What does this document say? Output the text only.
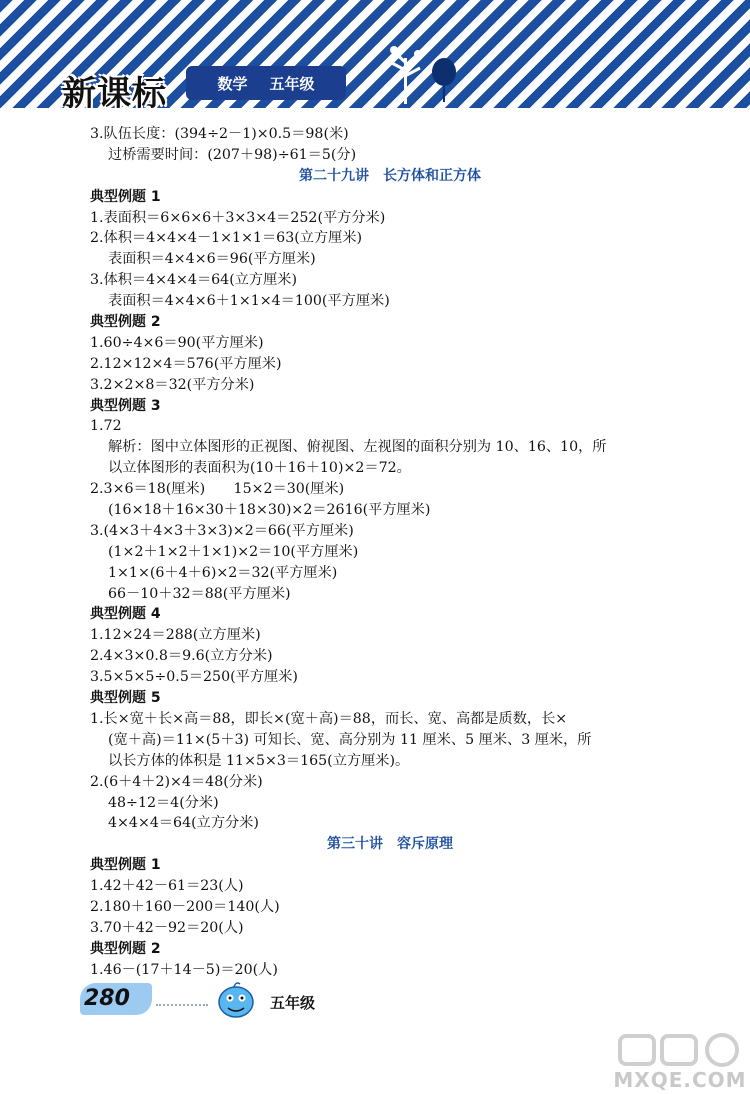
新课标	数学 五年级
3.队伍长度：(394÷2－1)×0.5＝98(米)
过桥需要时间：(207＋98)÷61＝5(分)
第二十九讲　长方体和正方体
典型例题 1
1.表面积＝6×6×6＋3×3×4＝252(平方分米)
2.体积＝4×4×4－1×1×1＝63(立方厘米)
表面积＝4×4×6＝96(平方厘米)
3.体积＝4×4×4＝64(立方厘米)
表面积＝4×4×6＋1×1×4＝100(平方厘米)
典型例题 2
1.60÷4×6＝90(平方厘米)
2.12×12×4＝576(平方厘米)
3.2×2×8＝32(平方分米)
典型例题 3
1.72
解析：图中立体图形的正视图、俯视图、左视图的面积分别为 10、16、10，所
以立体图形的表面积为(10＋16＋10)×2＝72。
2.3×6＝18(厘米)　　15×2＝30(厘米)
(16×18＋16×30＋18×30)×2＝2616(平方厘米)
3.(4×3＋4×3＋3×3)×2＝66(平方厘米)
(1×2＋1×2＋1×1)×2＝10(平方厘米)
1×1×(6＋4＋6)×2＝32(平方厘米)
66－10＋32＝88(平方厘米)
典型例题 4
1.12×24＝288(立方厘米)
2.4×3×0.8＝9.6(立方分米)
3.5×5×5÷0.5＝250(平方厘米)
典型例题 5
1.长×宽＋长×高＝88，即长×(宽＋高)＝88，而长、宽、高都是质数，长×
(宽＋高)＝11×(5＋3) 可知长、宽、高分别为 11 厘米、5 厘米、3 厘米，所
以长方体的体积是 11×5×3＝165(立方厘米)。
2.(6＋4＋2)×4＝48(分米)
48÷12＝4(分米)
4×4×4＝64(立方分米)
第三十讲　容斥原理
典型例题 1
1.42＋42－61＝23(人)
2.180＋160－200＝140(人)
3.70＋42－92＝20(人)
典型例题 2
1.46－(17＋14－5)＝20(人)
280	五年级
MXQE.COM
